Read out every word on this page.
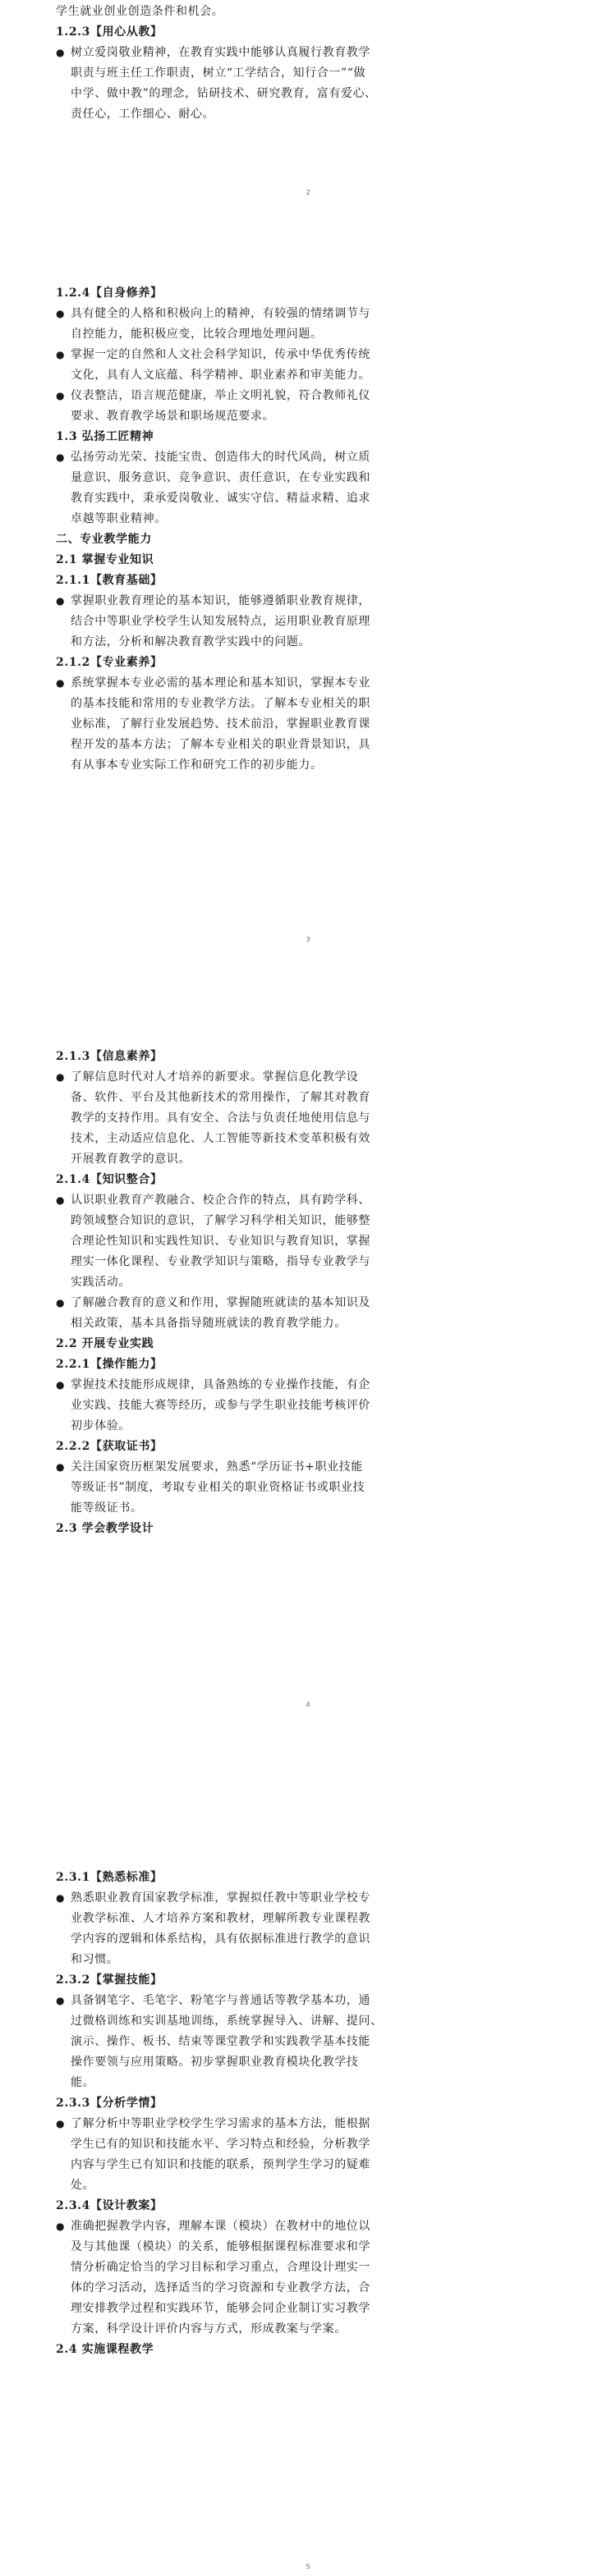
学生就业创业创造条件和机会。
1.2.3【用心从教】
● 树立爱岗敬业精神，在教育实践中能够认真履行教育教学
职责与班主任工作职责，树立“工学结合，知行合一”“做
中学、做中教”的理念，钻研技术、研究教育，富有爱心、
责任心，工作细心、耐心。
2
1.2.4【自身修养】
● 具有健全的人格和积极向上的精神，有较强的情绪调节与
自控能力，能积极应变，比较合理地处理问题。
● 掌握一定的自然和人文社会科学知识，传承中华优秀传统
文化，具有人文底蕴、科学精神、职业素养和审美能力。
● 仪表整洁，语言规范健康，举止文明礼貌，符合教师礼仪
要求、教育教学场景和职场规范要求。
1.3 弘扬工匠精神
● 弘扬劳动光荣、技能宝贵、创造伟大的时代风尚，树立质
量意识、服务意识、竞争意识、责任意识，在专业实践和
教育实践中，秉承爱岗敬业、诚实守信、精益求精、追求
卓越等职业精神。
二、专业教学能力
2.1 掌握专业知识
2.1.1【教育基础】
● 掌握职业教育理论的基本知识，能够遵循职业教育规律，
结合中等职业学校学生认知发展特点，运用职业教育原理
和方法，分析和解决教育教学实践中的问题。
2.1.2【专业素养】
● 系统掌握本专业必需的基本理论和基本知识，掌握本专业
的基本技能和常用的专业教学方法。了解本专业相关的职
业标准，了解行业发展趋势、技术前沿，掌握职业教育课
程开发的基本方法；了解本专业相关的职业背景知识，具
有从事本专业实际工作和研究工作的初步能力。
3
2.1.3【信息素养】
● 了解信息时代对人才培养的新要求。掌握信息化教学设
备、软件、平台及其他新技术的常用操作，了解其对教育
教学的支持作用。具有安全、合法与负责任地使用信息与
技术，主动适应信息化、人工智能等新技术变革积极有效
开展教育教学的意识。
2.1.4【知识整合】
● 认识职业教育产教融合、校企合作的特点，具有跨学科、
跨领域整合知识的意识，了解学习科学相关知识，能够整
合理论性知识和实践性知识、专业知识与教育知识，掌握
理实一体化课程、专业教学知识与策略，指导专业教学与
实践活动。
● 了解融合教育的意义和作用，掌握随班就读的基本知识及
相关政策，基本具备指导随班就读的教育教学能力。
2.2 开展专业实践
2.2.1【操作能力】
● 掌握技术技能形成规律，具备熟练的专业操作技能，有企
业实践、技能大赛等经历，或参与学生职业技能考核评价
初步体验。
2.2.2【获取证书】
● 关注国家资历框架发展要求，熟悉“学历证书+职业技能
等级证书”制度，考取专业相关的职业资格证书或职业技
能等级证书。
2.3 学会教学设计
4
2.3.1【熟悉标准】
● 熟悉职业教育国家教学标准，掌握拟任教中等职业学校专
业教学标准、人才培养方案和教材，理解所教专业课程教
学内容的逻辑和体系结构，具有依据标准进行教学的意识
和习惯。
2.3.2【掌握技能】
● 具备钢笔字、毛笔字、粉笔字与普通话等教学基本功，通
过微格训练和实训基地训练，系统掌握导入、讲解、提问、
演示、操作、板书、结束等课堂教学和实践教学基本技能
操作要领与应用策略。初步掌握职业教育模块化教学技
能。
2.3.3【分析学情】
● 了解分析中等职业学校学生学习需求的基本方法，能根据
学生已有的知识和技能水平、学习特点和经验，分析教学
内容与学生已有知识和技能的联系，预判学生学习的疑难
处。
2.3.4【设计教案】
● 准确把握教学内容，理解本课（模块）在教材中的地位以
及与其他课（模块）的关系，能够根据课程标准要求和学
情分析确定恰当的学习目标和学习重点，合理设计理实一
体的学习活动，选择适当的学习资源和专业教学方法，合
理安排教学过程和实践环节，能够会同企业制订实习教学
方案，科学设计评价内容与方式，形成教案与学案。
2.4 实施课程教学
5
